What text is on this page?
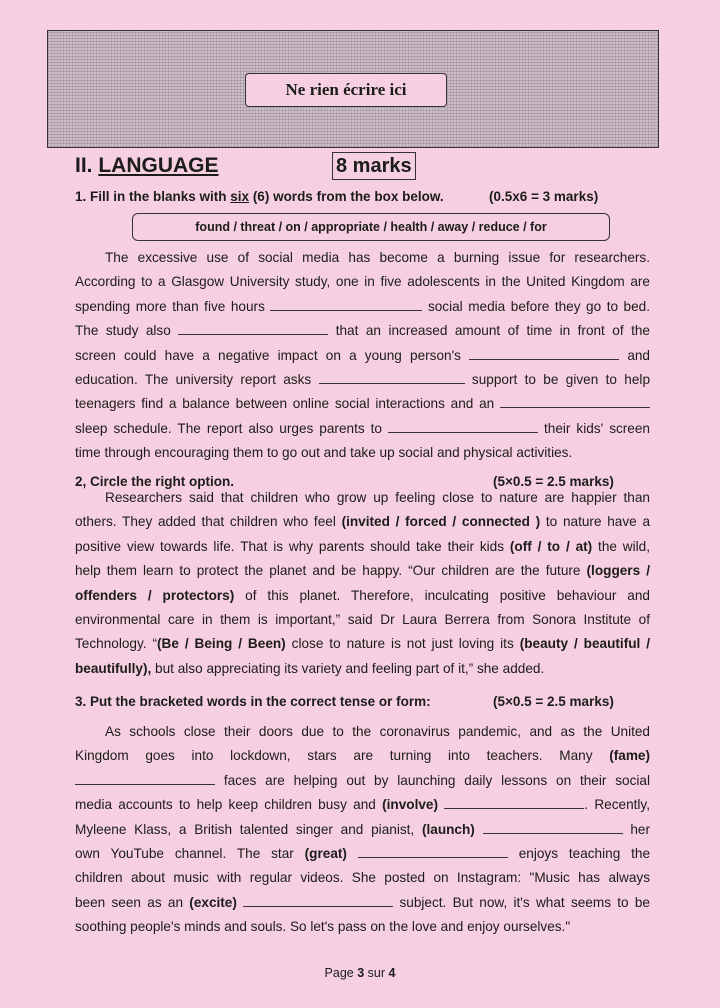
Ne rien écrire ici
II. LANGUAGE	8 marks
1. Fill in the blanks with six (6) words from the box below.	(0.5x6 = 3 marks)
found / threat / on / appropriate / health / away / reduce / for
The excessive use of social media has become a burning issue for researchers.
According to a Glasgow University study, one in five adolescents in the United Kingdom are
spending more than five hours	social media before they go to bed.
The study also	that an increased amount of time in front of the
screen could have a negative impact on a young person's	and
education. The university report asks	support to be given to help
teenagers find a balance between online social interactions and an
sleep schedule. The report also urges parents to	their kids' screen
time through encouraging them to go out and take up social and physical activities.
2, Circle the right option.	(5×0.5 = 2.5 marks)
Researchers said that children who grow up feeling close to nature are happier than
others. They added that children who feel (invited / forced / connected ) to nature have a
positive view towards life. That is why parents should take their kids (off / to / at) the wild,
help them learn to protect the planet and be happy. “Our children are the future (loggers /
offenders / protectors) of this planet. Therefore, inculcating positive behaviour and
environmental care in them is important,” said Dr Laura Berrera from Sonora Institute of
Technology. “(Be / Being / Been) close to nature is not just loving its (beauty / beautiful /
beautifully), but also appreciating its variety and feeling part of it,” she added.
3. Put the bracketed words in the correct tense or form:	(5×0.5 = 2.5 marks)
As schools close their doors due to the coronavirus pandemic, and as the United
Kingdom goes into lockdown, stars are turning into teachers. Many (fame)
faces are helping out by launching daily lessons on their social
media accounts to help keep children busy and (involve)	. Recently,
Myleene Klass, a British talented singer and pianist, (launch)	her
own YouTube channel. The star (great)	enjoys teaching the
children about music with regular videos. She posted on Instagram: "Music has always
been seen as an (excite)	subject. But now, it's what seems to be
soothing people's minds and souls. So let's pass on the love and enjoy ourselves."
Page 3 sur 4
